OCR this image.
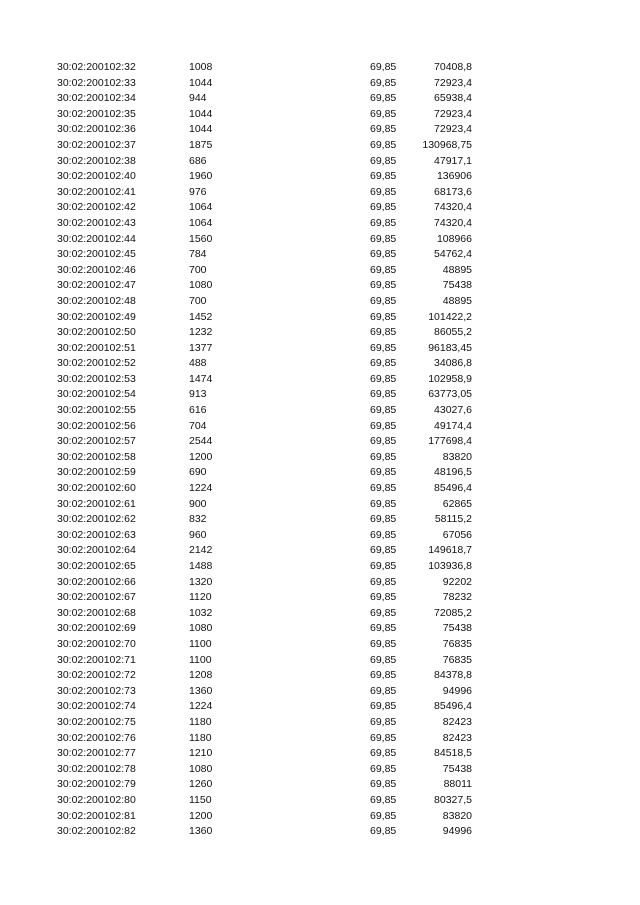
30:02:200102:32	1008	69,85	70408,8
30:02:200102:33	1044	69,85	72923,4
30:02:200102:34	944	69,85	65938,4
30:02:200102:35	1044	69,85	72923,4
30:02:200102:36	1044	69,85	72923,4
30:02:200102:37	1875	69,85	130968,75
30:02:200102:38	686	69,85	47917,1
30:02:200102:40	1960	69,85	136906
30:02:200102:41	976	69,85	68173,6
30:02:200102:42	1064	69,85	74320,4
30:02:200102:43	1064	69,85	74320,4
30:02:200102:44	1560	69,85	108966
30:02:200102:45	784	69,85	54762,4
30:02:200102:46	700	69,85	48895
30:02:200102:47	1080	69,85	75438
30:02:200102:48	700	69,85	48895
30:02:200102:49	1452	69,85	101422,2
30:02:200102:50	1232	69,85	86055,2
30:02:200102:51	1377	69,85	96183,45
30:02:200102:52	488	69,85	34086,8
30:02:200102:53	1474	69,85	102958,9
30:02:200102:54	913	69,85	63773,05
30:02:200102:55	616	69,85	43027,6
30:02:200102:56	704	69,85	49174,4
30:02:200102:57	2544	69,85	177698,4
30:02:200102:58	1200	69,85	83820
30:02:200102:59	690	69,85	48196,5
30:02:200102:60	1224	69,85	85496,4
30:02:200102:61	900	69,85	62865
30:02:200102:62	832	69,85	58115,2
30:02:200102:63	960	69,85	67056
30:02:200102:64	2142	69,85	149618,7
30:02:200102:65	1488	69,85	103936,8
30:02:200102:66	1320	69,85	92202
30:02:200102:67	1120	69,85	78232
30:02:200102:68	1032	69,85	72085,2
30:02:200102:69	1080	69,85	75438
30:02:200102:70	1100	69,85	76835
30:02:200102:71	1100	69,85	76835
30:02:200102:72	1208	69,85	84378,8
30:02:200102:73	1360	69,85	94996
30:02:200102:74	1224	69,85	85496,4
30:02:200102:75	1180	69,85	82423
30:02:200102:76	1180	69,85	82423
30:02:200102:77	1210	69,85	84518,5
30:02:200102:78	1080	69,85	75438
30:02:200102:79	1260	69,85	88011
30:02:200102:80	1150	69,85	80327,5
30:02:200102:81	1200	69,85	83820
30:02:200102:82	1360	69,85	94996
